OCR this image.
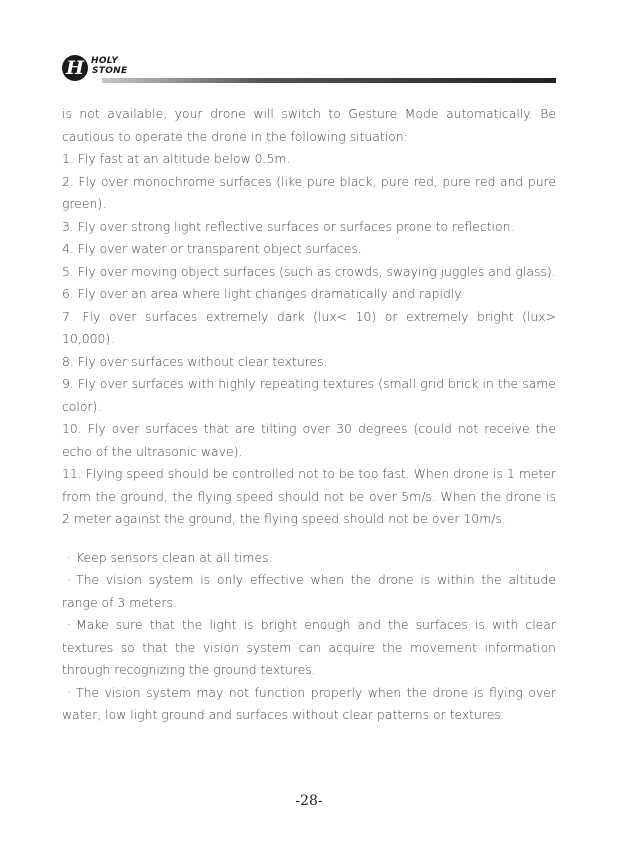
H HOLY
STONE

is not available, your drone will switch to Gesture Mode automatically. Be cautious to operate the drone in the following situation:

1. Fly fast at an altitude below 0.5m.

2. Fly over monochrome surfaces (like pure black, pure red, pure red and pure green).

3. Fly over strong light reflective surfaces or surfaces prone to reflection.

4. Fly over water or transparent object surfaces.

5. Fly over moving object surfaces (such as crowds, swaying juggles and glass).

6. Fly over an area where light changes dramatically and rapidly.

7. Fly over surfaces extremely dark (lux< 10) or extremely bright (lux> 10,000).

8. Fly over surfaces without clear textures.

9. Fly over surfaces with highly repeating textures (small grid brick in the same color).

10. Fly over surfaces that are tilting over 30 degrees (could not receive the echo of the ultrasonic wave).

11. Flying speed should be controlled not to be too fast. When drone is 1 meter from the ground, the flying speed should not be over 5m/s. When the drone is 2 meter against the ground, the flying speed should not be over 10m/s.

· Keep sensors clean at all times.

· The vision system is only effective when the drone is within the altitude range of 3 meters.

· Make sure that the light is bright enough and the surfaces is with clear textures so that the vision system can acquire the movement information through recognizing the ground textures.

· The vision system may not function properly when the drone is flying over water, low light ground and surfaces without clear patterns or textures.

-28-
